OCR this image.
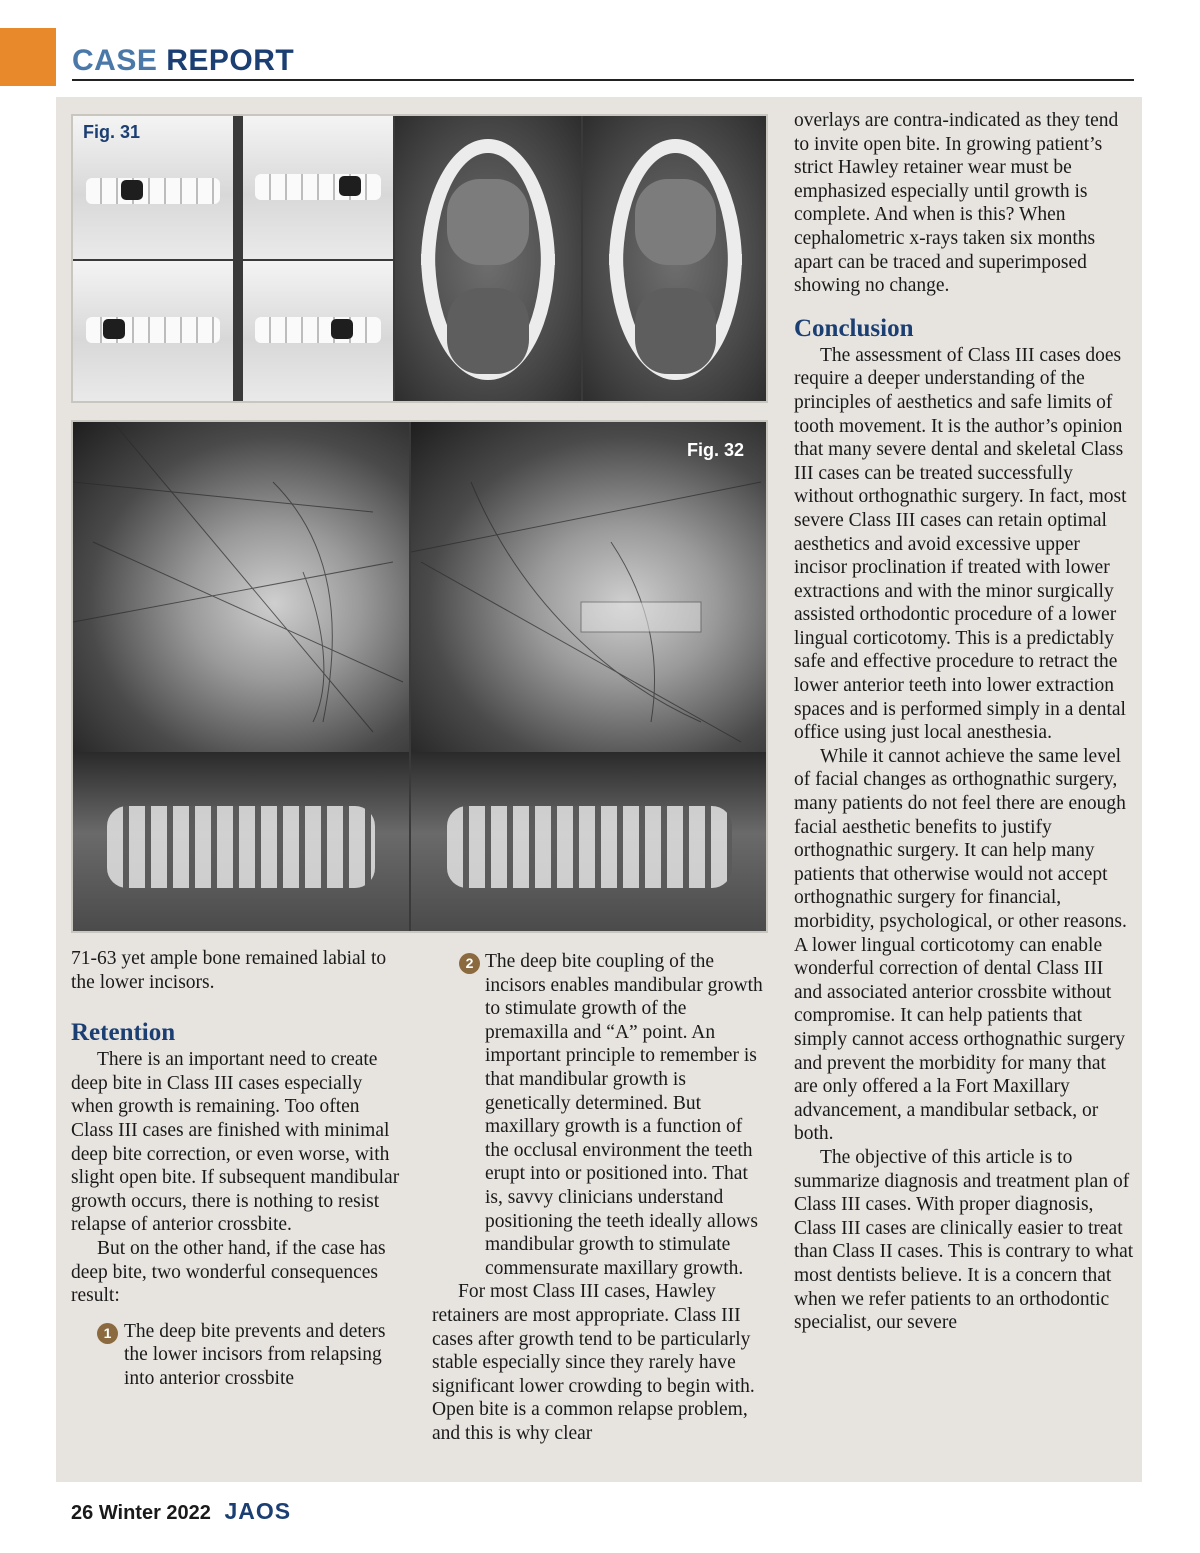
CASE REPORT
Fig. 31
Fig. 32

overlays are contra-indicated as they tend to invite open bite. In growing patient’s strict Hawley retainer wear must be emphasized especially until growth is complete. And when is this? When cephalometric x-rays taken six months apart can be traced and superimposed showing no change.

Conclusion

The assessment of Class III cases does require a deeper understanding of the principles of aesthetics and safe limits of tooth movement. It is the author’s opinion that many severe dental and skeletal Class III cases can be treated successfully without orthognathic surgery. In fact, most severe Class III cases can retain optimal aesthetics and avoid excessive upper incisor proclination if treated with lower extractions and with the minor surgically assisted orthodontic procedure of a lower lingual corticotomy. This is a predictably safe and effective procedure to retract the lower anterior teeth into lower extraction spaces and is performed simply in a dental office using just local anesthesia.

While it cannot achieve the same level of facial changes as orthognathic surgery, many patients do not feel there are enough facial aesthetic benefits to justify orthognathic surgery. It can help many patients that otherwise would not accept orthognathic surgery for financial, morbidity, psychological, or other reasons. A lower lingual corticotomy can enable wonderful correction of dental Class III and associated anterior crossbite without compromise. It can help patients that simply cannot access orthognathic surgery and prevent the morbidity for many that are only offered a la Fort Maxillary advancement, a mandibular setback, or both.

The objective of this article is to summarize diagnosis and treatment plan of Class III cases. With proper diagnosis, Class III cases are clinically easier to treat than Class II cases. This is contrary to what most dentists believe. It is a concern that when we refer patients to an orthodontic specialist, our severe

71-63 yet ample bone remained labial to the lower incisors.

Retention

There is an important need to create deep bite in Class III cases especially when growth is remaining. Too often Class III cases are finished with minimal deep bite correction, or even worse, with slight open bite. If subsequent mandibular growth occurs, there is nothing to resist relapse of anterior crossbite.

But on the other hand, if the case has deep bite, two wonderful consequences result:

1 The deep bite prevents and deters the lower incisors from relapsing into anterior crossbite
2 The deep bite coupling of the incisors enables mandibular growth to stimulate growth of the premaxilla and “A” point. An important principle to remember is that mandibular growth is genetically determined. But maxillary growth is a function of the occlusal environment the teeth erupt into or positioned into. That is, savvy clinicians understand positioning the teeth ideally allows mandibular growth to stimulate commensurate maxillary growth.

For most Class III cases, Hawley retainers are most appropriate. Class III cases after growth tend to be particularly stable especially since they rarely have significant lower crowding to begin with. Open bite is a common relapse problem, and this is why clear

26 Winter 2022 JAOS
